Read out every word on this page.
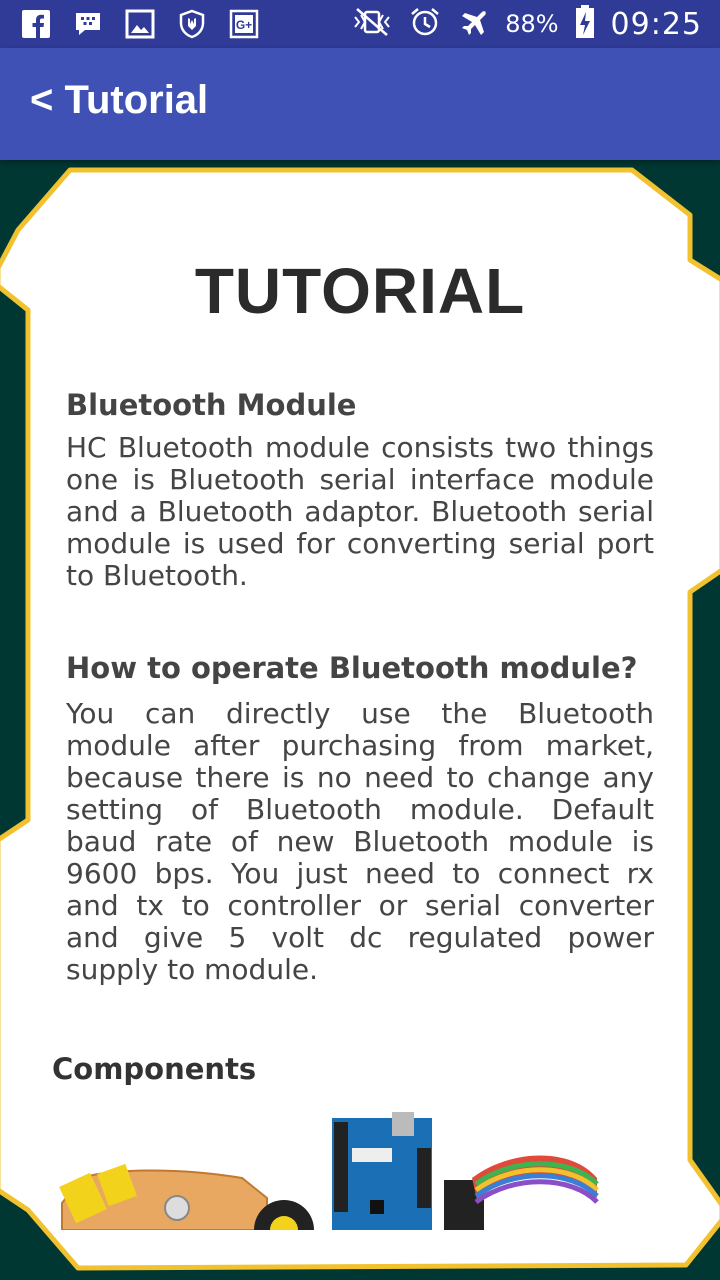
G+	88% 09:25
< Tutorial
TUTORIAL
Bluetooth Module
HC Bluetooth module consists two things one is Bluetooth serial interface module and a Bluetooth adaptor. Bluetooth serial module is used for converting serial port to Bluetooth.
How to operate Bluetooth module?
You can directly use the Bluetooth module after purchasing from market, because there is no need to change any setting of Bluetooth module. Default baud rate of new Bluetooth module is 9600 bps. You just need to connect rx and tx to controller or serial converter and give 5 volt dc regulated power supply to module.
Components
